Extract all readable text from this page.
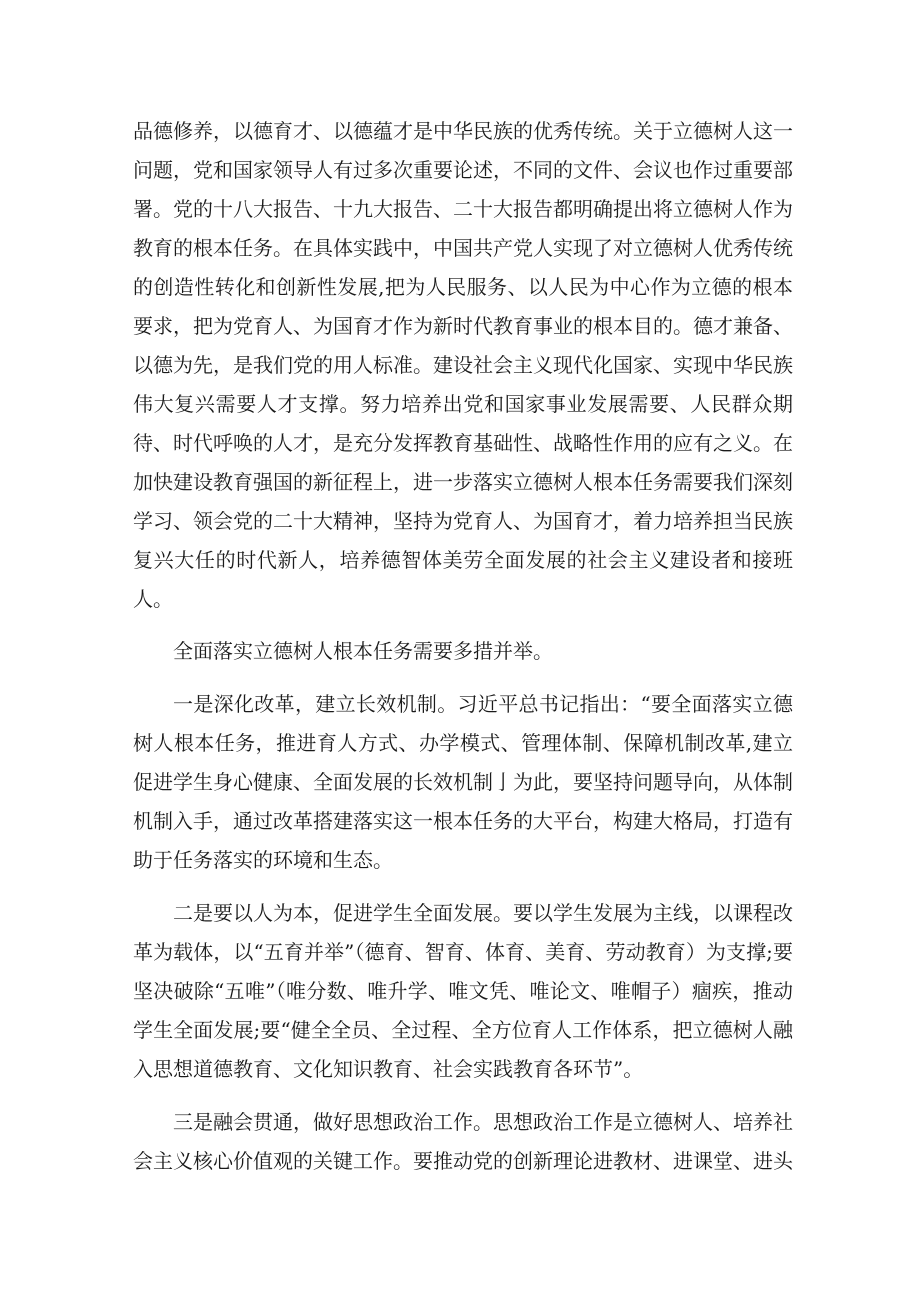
品德修养，以德育才、以德蕴才是中华民族的优秀传统。关于立德树人这一问题，党和国家领导人有过多次重要论述，不同的文件、会议也作过重要部署。党的十八大报告、十九大报告、二十大报告都明确提出将立德树人作为教育的根本任务。在具体实践中，中国共产党人实现了对立德树人优秀传统的创造性转化和创新性发展,把为人民服务、以人民为中心作为立德的根本要求，把为党育人、为国育才作为新时代教育事业的根本目的。德才兼备、以德为先，是我们党的用人标准。建设社会主义现代化国家、实现中华民族伟大复兴需要人才支撑。努力培养出党和国家事业发展需要、人民群众期待、时代呼唤的人才，是充分发挥教育基础性、战略性作用的应有之义。在加快建设教育强国的新征程上，进一步落实立德树人根本任务需要我们深刻学习、领会党的二十大精神，坚持为党育人、为国育才，着力培养担当民族复兴大任的时代新人，培养德智体美劳全面发展的社会主义建设者和接班人。

全面落实立德树人根本任务需要多措并举。

一是深化改革，建立长效机制。习近平总书记指出：“要全面落实立德树人根本任务，推进育人方式、办学模式、管理体制、保障机制改革,建立促进学生身心健康、全面发展的长效机制亅为此，要坚持问题导向，从体制机制入手，通过改革搭建落实这一根本任务的大平台，构建大格局，打造有助于任务落实的环境和生态。

二是要以人为本，促进学生全面发展。要以学生发展为主线，以课程改革为载体，以“五育并举”（德育、智育、体育、美育、劳动教育）为支撑;要坚决破除“五唯”（唯分数、唯升学、唯文凭、唯论文、唯帽子）痼疾，推动学生全面发展;要“健全全员、全过程、全方位育人工作体系，把立德树人融入思想道德教育、文化知识教育、社会实践教育各环节”。

三是融会贯通，做好思想政治工作。思想政治工作是立德树人、培养社会主义核心价值观的关键工作。要推动党的创新理论进教材、进课堂、进头
